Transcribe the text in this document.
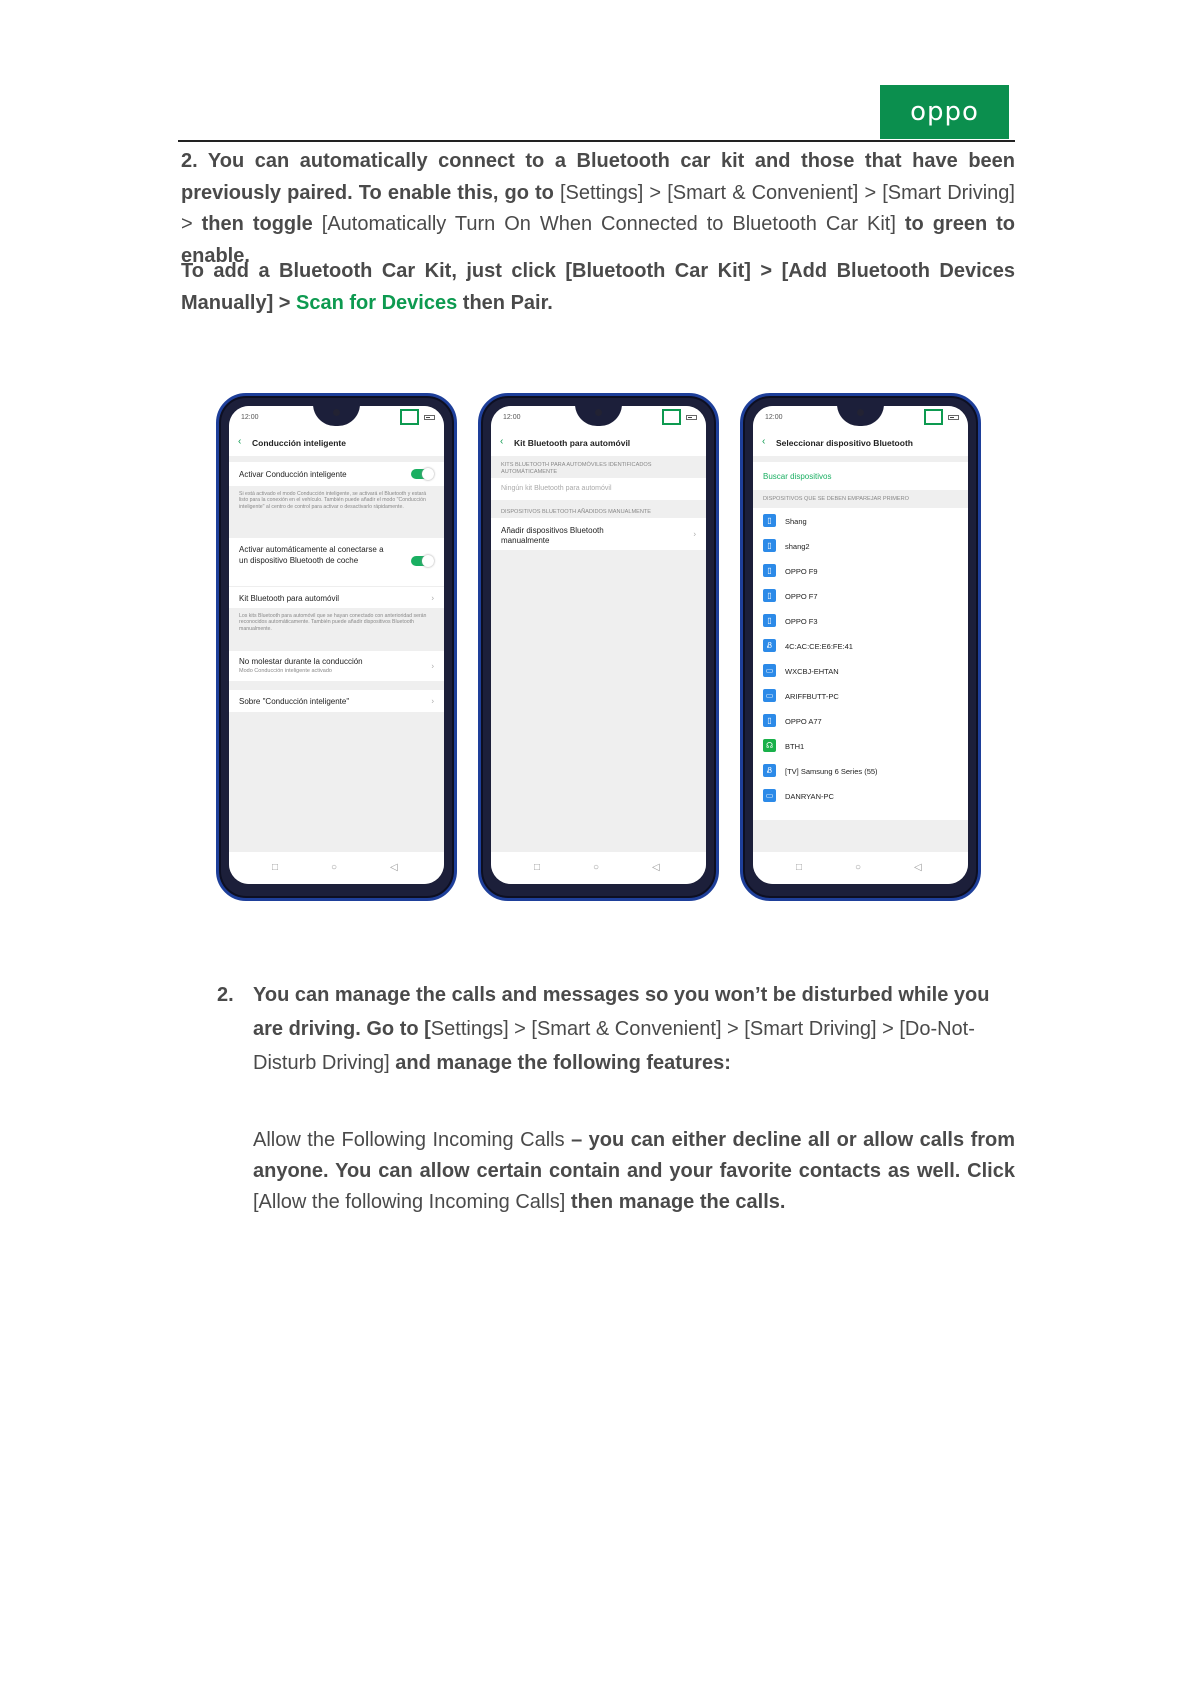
oppo
2. You can automatically connect to a Bluetooth car kit and those that have been previously paired. To enable this, go to [Settings] > [Smart & Convenient] > [Smart Driving] > then toggle [Automatically Turn On When Connected to Bluetooth Car Kit] to green to enable.
To add a Bluetooth Car Kit, just click [Bluetooth Car Kit] > [Add Bluetooth Devices Manually] > Scan for Devices then Pair.
12:00
‹ Conducción inteligente
Activar Conducción inteligente
Si está activado el modo Conducción inteligente, se activará el Bluetooth y estará listo para la conexión en el vehículo. También puede añadir el modo "Conducción inteligente" al centro de control para activar o desactivarlo rápidamente.
Activar automáticamente al conectarse a un dispositivo Bluetooth de coche
Kit Bluetooth para automóvil	›
Los kits Bluetooth para automóvil que se hayan conectado con anterioridad serán reconocidos automáticamente. También puede añadir dispositivos Bluetooth manualmente.
No molestar durante la conducción
Modo Conducción inteligente activado
›
Sobre "Conducción inteligente"	›
□	○	◁
12:00
‹ Kit Bluetooth para automóvil
KITS BLUETOOTH PARA AUTOMÓVILES IDENTIFICADOS AUTOMÁTICAMENTE
Ningún kit Bluetooth para automóvil
DISPOSITIVOS BLUETOOTH AÑADIDOS MANUALMENTE
Añadir dispositivos Bluetooth manualmente
›
□	○	◁
12:00
‹ Seleccionar dispositivo Bluetooth
Buscar dispositivos
DISPOSITIVOS QUE SE DEBEN EMPAREJAR PRIMERO
▯	Shang
▯	shang2
▯	OPPO F9
▯	OPPO F7
▯	OPPO F3
Ᏸ	4C:AC:CE:E6:FE:41
▭	WXCBJ-EHTAN
▭	ARIFFBUTT-PC
▯	OPPO A77
☊	BTH1
Ᏸ	[TV] Samsung 6 Series (55)
▭	DANRYAN-PC
□	○	◁
2. You can manage the calls and messages so you won’t be disturbed while you are driving. Go to [Settings] > [Smart & Convenient] > [Smart Driving] > [Do-Not-Disturb Driving] and manage the following features:
Allow the Following Incoming Calls – you can either decline all or allow calls from anyone. You can allow certain contain and your favorite contacts as well. Click [Allow the following Incoming Calls] then manage the calls.
